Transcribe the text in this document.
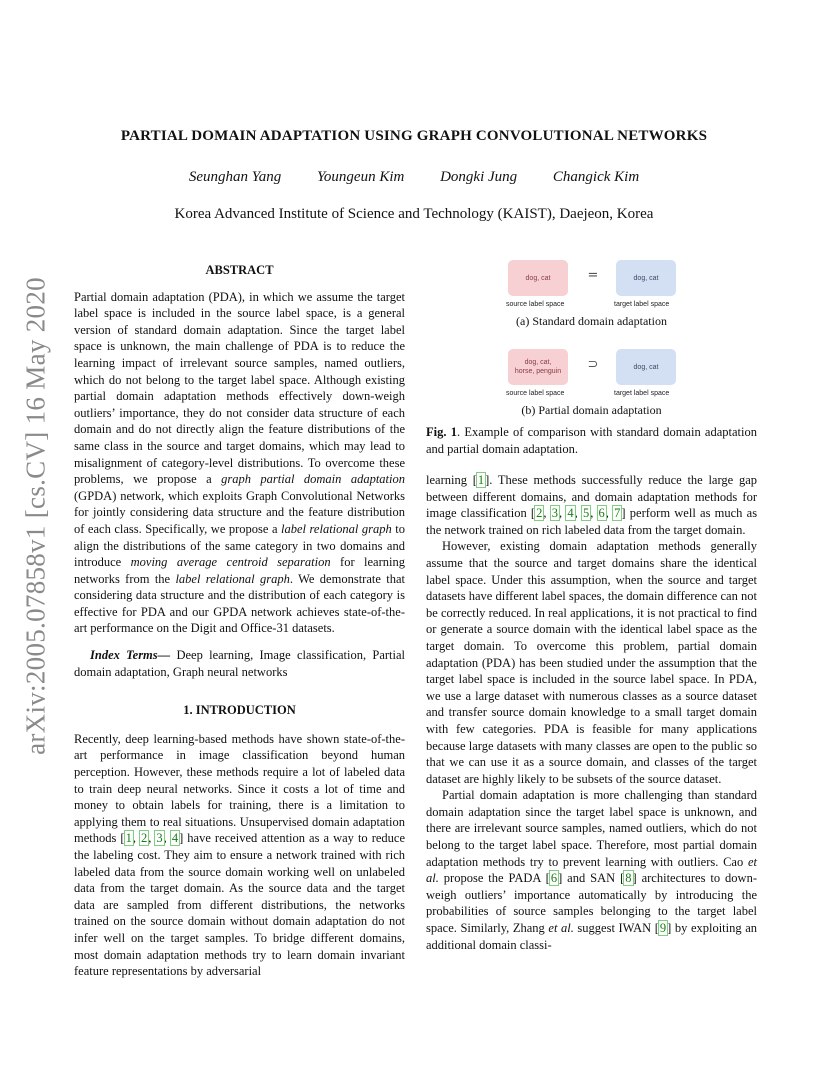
arXiv:2005.07858v1 [cs.CV] 16 May 2020
PARTIAL DOMAIN ADAPTATION USING GRAPH CONVOLUTIONAL NETWORKS
Seunghan Yang Youngeun Kim Dongki Jung Changick Kim
Korea Advanced Institute of Science and Technology (KAIST), Daejeon, Korea
ABSTRACT

Partial domain adaptation (PDA), in which we assume the target label space is included in the source label space, is a general version of standard domain adaptation. Since the target label space is unknown, the main challenge of PDA is to reduce the learning impact of irrelevant source samples, named outliers, which do not belong to the target label space. Although existing partial domain adaptation methods effectively down-weigh outliers’ importance, they do not consider data structure of each domain and do not directly align the feature distributions of the same class in the source and target domains, which may lead to misalignment of category-level distributions. To overcome these problems, we propose a graph partial domain adaptation (GPDA) network, which exploits Graph Convolutional Networks for jointly considering data structure and the feature distribution of each class. Specifically, we propose a label relational graph to align the distributions of the same category in two domains and introduce moving average centroid separation for learning networks from the label relational graph. We demonstrate that considering data structure and the distribution of each category is effective for PDA and our GPDA network achieves state-of-the-art performance on the Digit and Office-31 datasets.

Index Terms— Deep learning, Image classification, Partial domain adaptation, Graph neural networks

1. INTRODUCTION

Recently, deep learning-based methods have shown state-of-the-art performance in image classification beyond human perception. However, these methods require a lot of labeled data to train deep neural networks. Since it costs a lot of time and money to obtain labels for training, there is a limitation to applying them to real situations. Unsupervised domain adaptation methods [1, 2, 3, 4] have received attention as a way to reduce the labeling cost. They aim to ensure a network trained with rich labeled data from the source domain working well on unlabeled data from the target domain. As the source data and the target data are sampled from different distributions, the networks trained on the source domain without domain adaptation do not infer well on the target samples. To bridge different domains, most domain adaptation methods try to learn domain invariant feature representations by adversarial

dog, cat	=	dog, cat
source label space	target label space
(a) Standard domain adaptation
dog, cat,
horse, penguin	⊃	dog, cat
source label space	target label space
(b) Partial domain adaptation
Fig. 1. Example of comparison with standard domain adaptation and partial domain adaptation.

learning [1]. These methods successfully reduce the large gap between different domains, and domain adaptation methods for image classification [2, 3, 4, 5, 6, 7] perform well as much as the network trained on rich labeled data from the target domain.

However, existing domain adaptation methods generally assume that the source and target domains share the identical label space. Under this assumption, when the source and target datasets have different label spaces, the domain difference can not be correctly reduced. In real applications, it is not practical to find or generate a source domain with the identical label space as the target domain. To overcome this problem, partial domain adaptation (PDA) has been studied under the assumption that the target label space is included in the source label space. In PDA, we use a large dataset with numerous classes as a source dataset and transfer source domain knowledge to a small target domain with few categories. PDA is feasible for many applications because large datasets with many classes are open to the public so that we can use it as a source domain, and classes of the target dataset are highly likely to be subsets of the source dataset.

Partial domain adaptation is more challenging than standard domain adaptation since the target label space is unknown, and there are irrelevant source samples, named outliers, which do not belong to the target label space. Therefore, most partial domain adaptation methods try to prevent learning with outliers. Cao et al. propose the PADA [6] and SAN [8] architectures to down-weigh outliers’ importance automatically by introducing the probabilities of source samples belonging to the target label space. Similarly, Zhang et al. suggest IWAN [9] by exploiting an additional domain classi-
